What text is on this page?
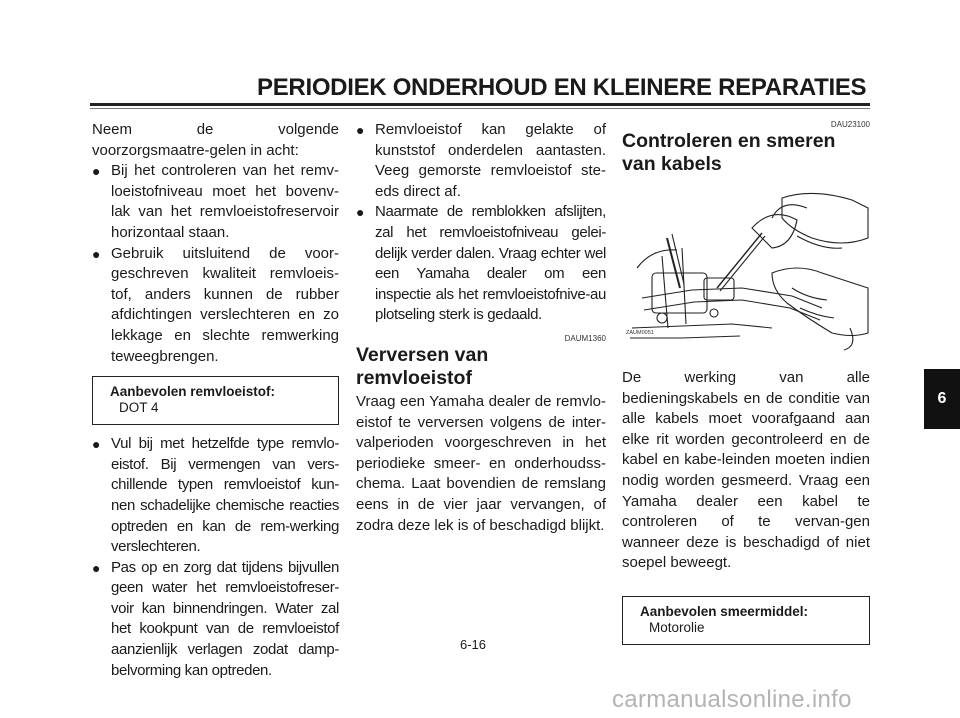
PERIODIEK ONDERHOUD EN KLEINERE REPARATIES

Neem de volgende voorzorgsmaatre-gelen in acht:

● Bij het controleren van het remv-loeistofniveau moet het bovenv-lak van het remvloeistofreservoir horizontaal staan.
● Gebruik uitsluitend de voor-geschreven kwaliteit remvloeis-tof, anders kunnen de rubber afdichtingen verslechteren en zo lekkage en slechte remwerking teweegbrengen.
Aanbevolen remvloeistof:
DOT 4
● Vul bij met hetzelfde type remvlo-eistof. Bij vermengen van vers-chillende typen remvloeistof kun-nen schadelijke chemische reacties optreden en kan de rem-werking verslechteren.
● Pas op en zorg dat tijdens bijvullen geen water het remvloeistofreser-voir kan binnendringen. Water zal het kookpunt van de remvloeistof aanzienlijk verlagen zodat damp-belvorming kan optreden.
● Remvloeistof kan gelakte of kunststof onderdelen aantasten. Veeg gemorste remvloeistof ste-eds direct af.
● Naarmate de remblokken afslijten, zal het remvloeistofniveau gelei-delijk verder dalen. Vraag echter wel een Yamaha dealer om een inspectie als het remvloeistofnive-au plotseling sterk is gedaald.
DAUM1360
Verversen van remvloeistof

Vraag een Yamaha dealer de remvlo-eistof te verversen volgens de inter-valperioden voorgeschreven in het periodieke smeer- en onderhoudss-chema. Laat bovendien de remslang eens in de vier jaar vervangen, of zodra deze lek is of beschadigd blijkt.

DAU23100
Controleren en smeren van kabels
ZAUM0051

De werking van alle bedieningskabels en de conditie van alle kabels moet voorafgaand aan elke rit worden gecontroleerd en de kabel en kabe-leinden moeten indien nodig worden gesmeerd. Vraag een Yamaha dealer een kabel te controleren of te vervan-gen wanneer deze is beschadigd of niet soepel beweegt.

Aanbevolen smeermiddel:
Motorolie
6
6-16
carmanualsonline.info
